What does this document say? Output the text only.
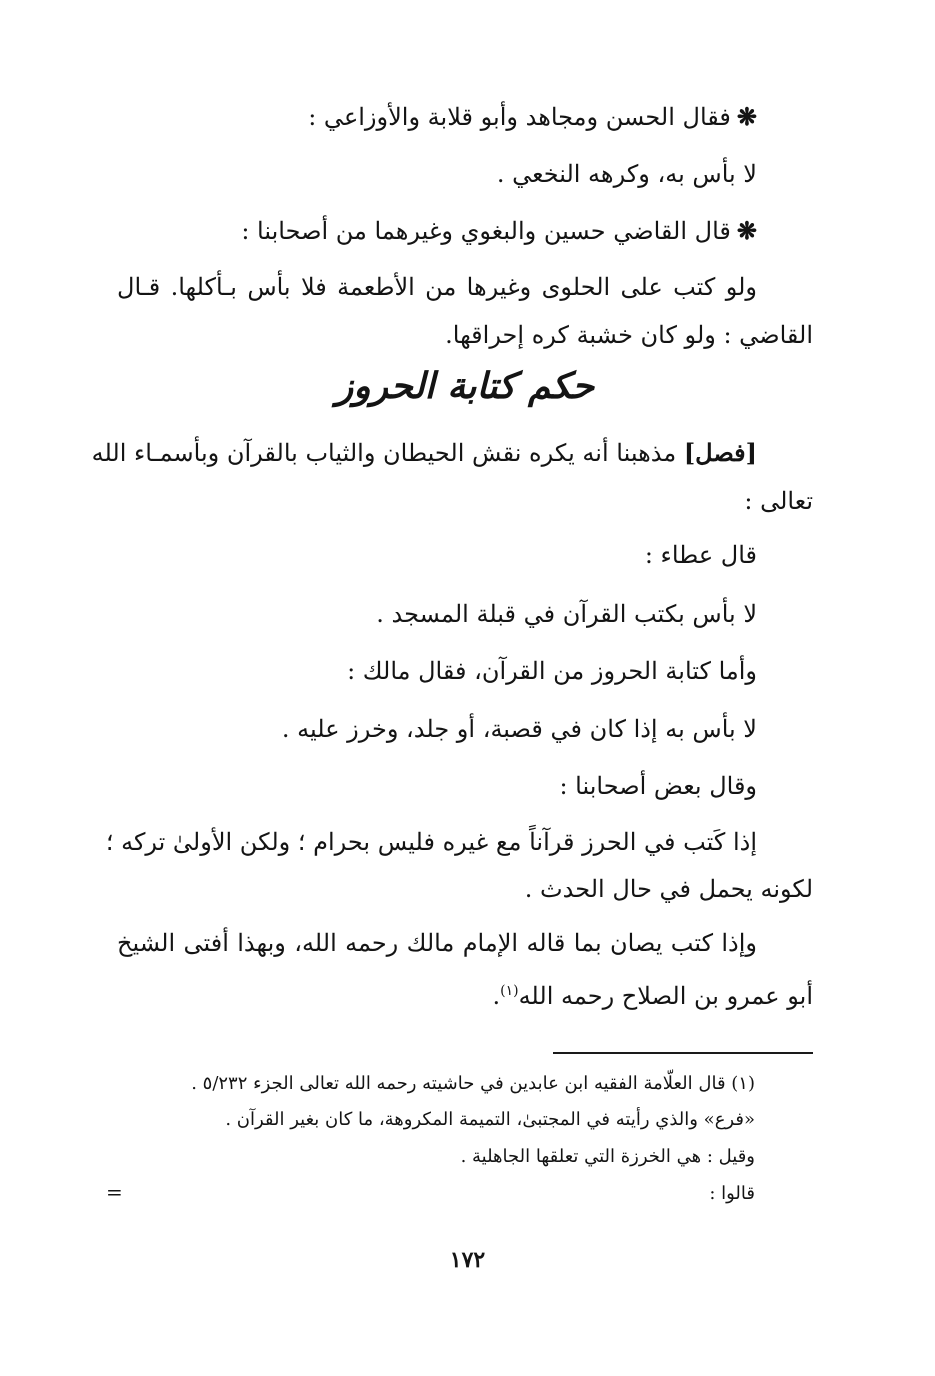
❋فقال الحسن ومجاهد وأبو قلابة والأوزاعي :
لا بأس به، وكرهه النخعي .
❋قال القاضي حسين والبغوي وغيرهما من أصحابنا :
ولو كتب على الحلوى وغيرها من الأطعمة فلا بأس بـأكلها. قـال
القاضي : ولو كان خشبة كره إحراقها.
حكم كتابة الحروز
[فصل] مذهبنا أنه يكره نقش الحيطان والثياب بالقرآن وبأسمـاء الله
تعالى :
قال عطاء :
لا بأس بكتب القرآن في قبلة المسجد .
وأما كتابة الحروز من القرآن، فقال مالك :
لا بأس به إذا كان في قصبة، أو جلد، وخرز عليه .
وقال بعض أصحابنا :
إذا كَتب في الحرز قرآناً مع غيره فليس بحرام ؛ ولكن الأولىٰ تركه ؛
لكونه يحمل في حال الحدث .
وإذا كتب يصان بما قاله الإمام مالك رحمه الله، وبهذا أفتى الشيخ
أبو عمرو بن الصلاح رحمه الله$^{(١)}$.
(١) قال العلّامة الفقيه ابن عابدين في حاشيته رحمه الله تعالى الجزء ٥/٢٣٢ .
«فرع» والذي رأيته في المجتبىٰ، التميمة المكروهة، ما كان بغير القرآن .
وقيل : هي الخرزة التي تعلقها الجاهلية .
قالوا :
=
١٧٢
